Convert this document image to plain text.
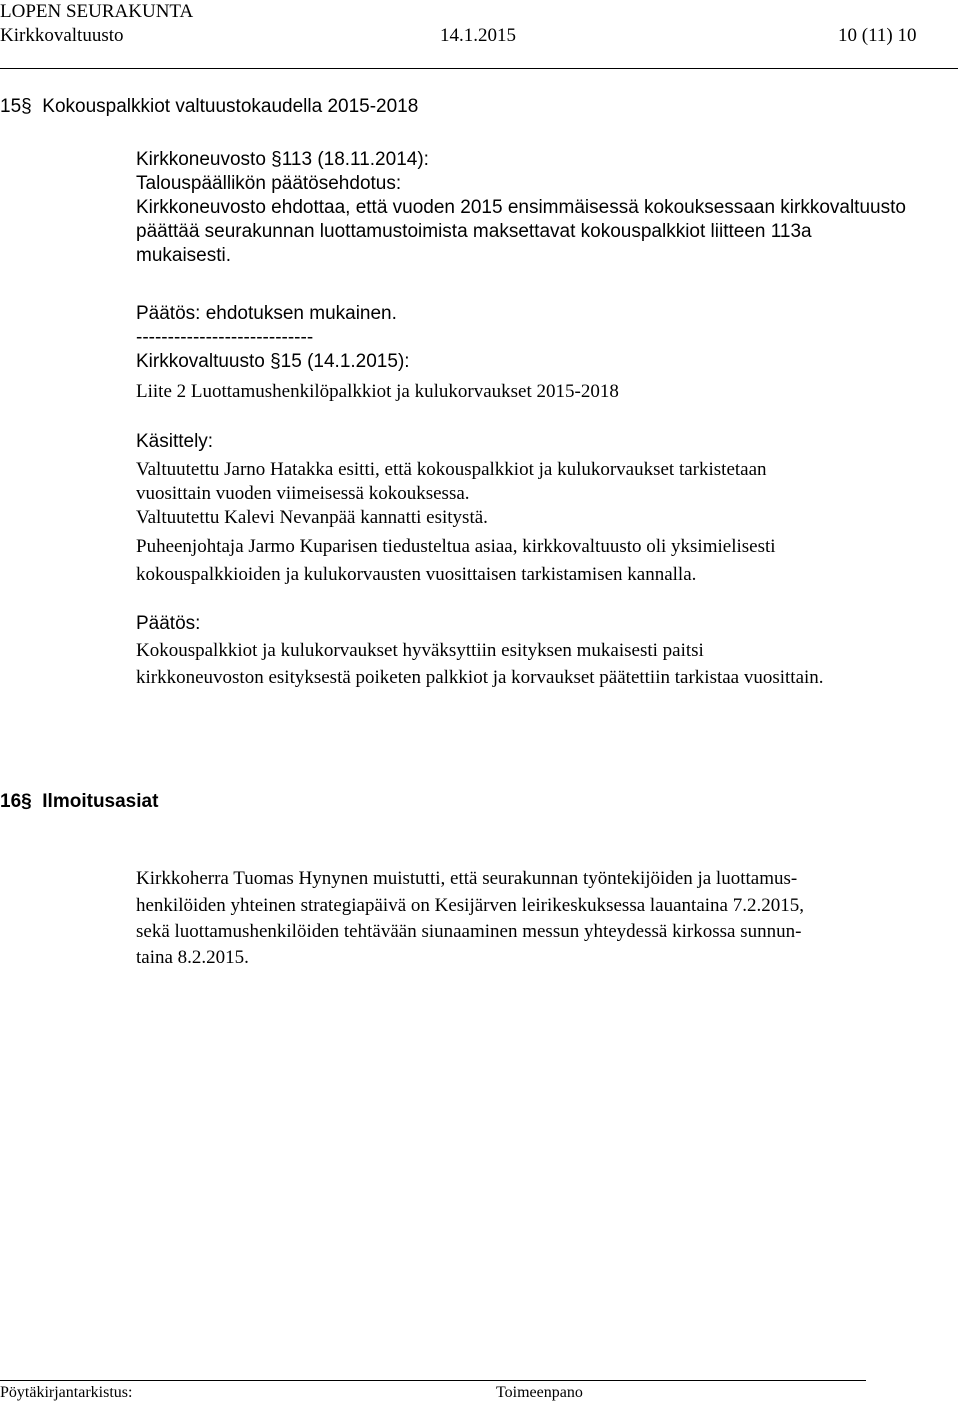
LOPEN SEURAKUNTA
Kirkkovaltuusto	14.1.2015	10 (11) 10
15§ Kokouspalkkiot valtuustokaudella 2015-2018
Kirkkoneuvosto §113 (18.11.2014):
Talouspäällikön päätösehdotus:
Kirkkoneuvosto ehdottaa, että vuoden 2015 ensimmäisessä kokouksessaan kirkkovaltuusto
päättää seurakunnan luottamustoimista maksettavat kokouspalkkiot liitteen 113a
mukaisesti.
Päätös: ehdotuksen mukainen.
----------------------------
Kirkkovaltuusto §15 (14.1.2015):
Liite 2 Luottamushenkilöpalkkiot ja kulukorvaukset 2015-2018
Käsittely:
Valtuutettu Jarno Hatakka esitti, että kokouspalkkiot ja kulukorvaukset tarkistetaan
vuosittain vuoden viimeisessä kokouksessa.
Valtuutettu Kalevi Nevanpää kannatti esitystä.
Puheenjohtaja Jarmo Kuparisen tiedusteltua asiaa, kirkkovaltuusto oli yksimielisesti
kokouspalkkioiden ja kulukorvausten vuosittaisen tarkistamisen kannalla.
Päätös:
Kokouspalkkiot ja kulukorvaukset hyväksyttiin esityksen mukaisesti paitsi
kirkkoneuvoston esityksestä poiketen palkkiot ja korvaukset päätettiin tarkistaa vuosittain.
16§ Ilmoitusasiat
Kirkkoherra Tuomas Hynynen muistutti, että seurakunnan työntekijöiden ja luottamus-
henkilöiden yhteinen strategiapäivä on Kesijärven leirikeskuksessa lauantaina 7.2.2015,
sekä luottamushenkilöiden tehtävään siunaaminen messun yhteydessä kirkossa sunnun-
taina 8.2.2015.
Pöytäkirjantarkistus:	Toimeenpano
